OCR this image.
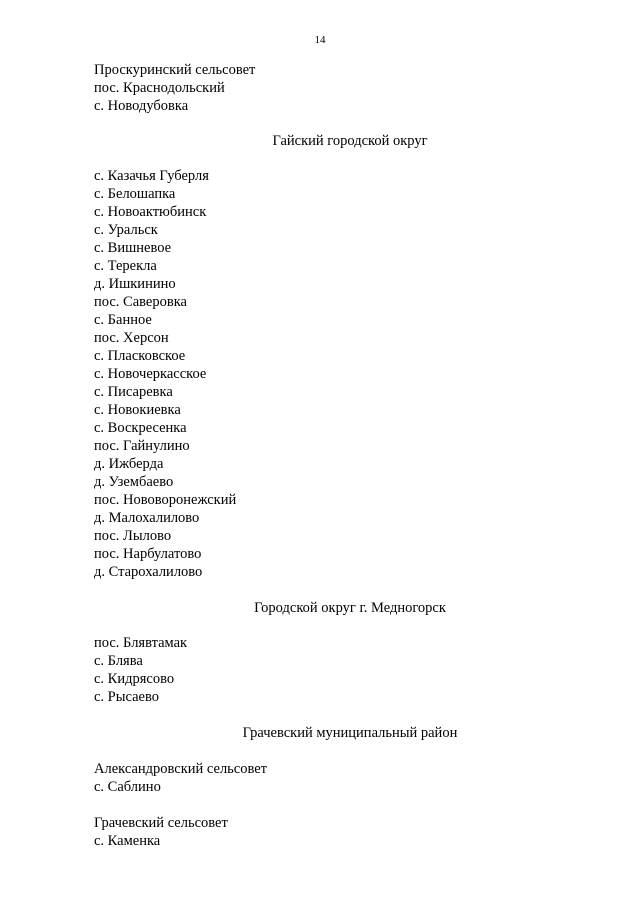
14
Проскуринский сельсовет
пос. Краснодольский
с. Новодубовка
Гайский городской округ
с. Казачья Губерля
с. Белошапка
с. Новоактюбинск
с. Уральск
с. Вишневое
с. Терекла
д. Ишкинино
пос. Саверовка
с. Банное
пос. Херсон
с. Пласковское
с. Новочеркасское
с. Писаревка
с. Новокиевка
с. Воскресенка
пос. Гайнулино
д. Ижберда
д. Узембаево
пос. Нововоронежский
д. Малохалилово
пос. Лылово
пос. Нарбулатово
д. Старохалилово
Городской округ г. Медногорск
пос. Блявтамак
с. Блява
с. Кидрясово
с. Рысаево
Грачевский муниципальный район
Александровский сельсовет
с. Саблино
Грачевский сельсовет
с. Каменка
